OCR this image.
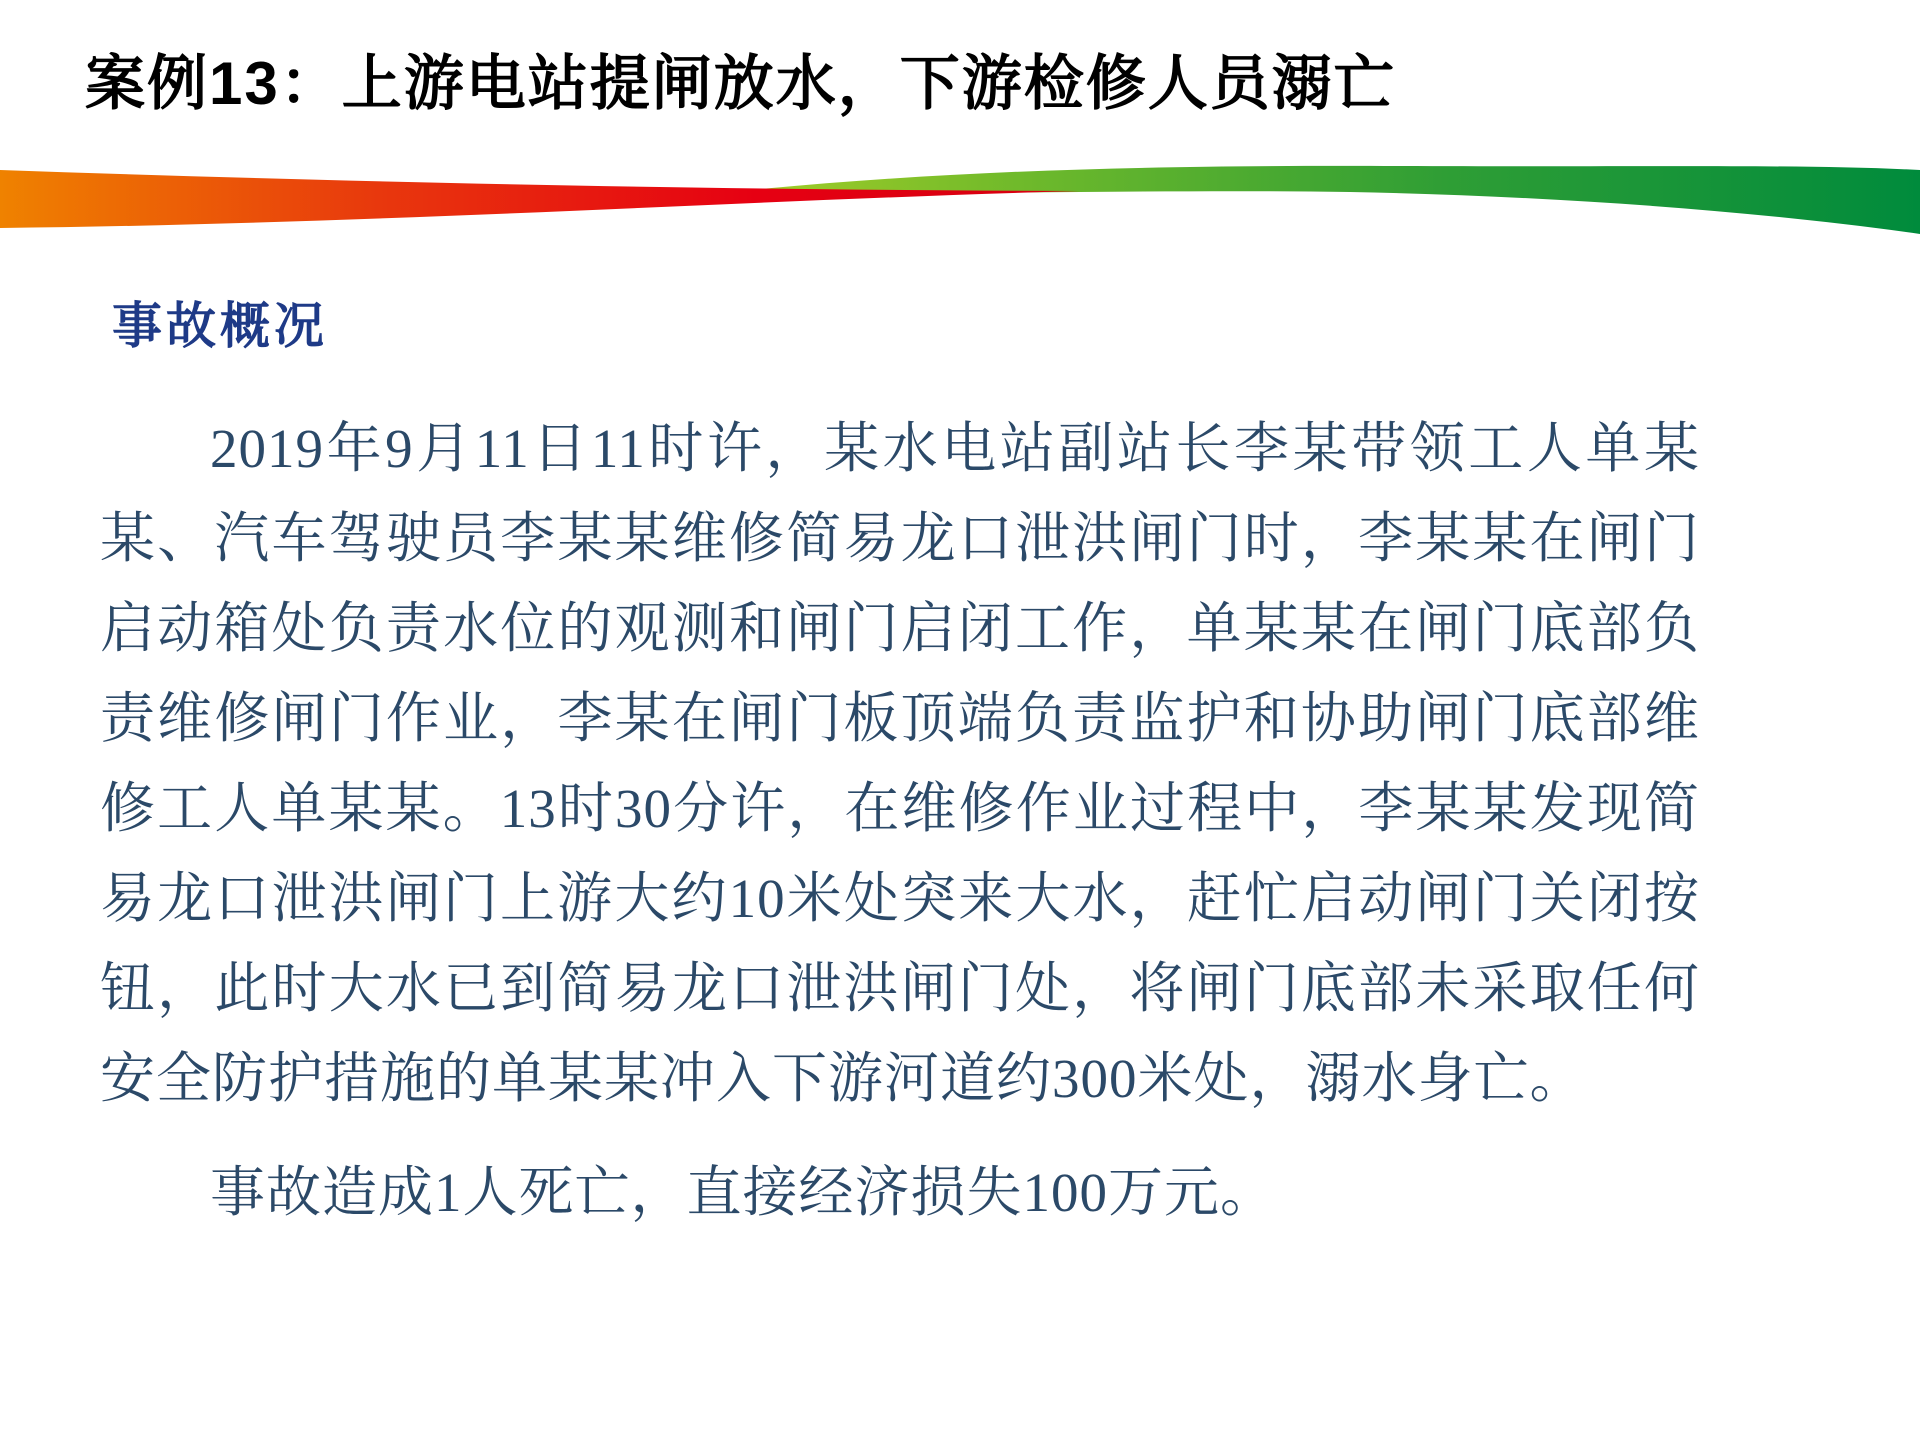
案例13：上游电站提闸放水，下游检修人员溺亡
事故概况

2019年9月11日11时许，某水电站副站长李某带领工人单某某、汽车驾驶员李某某维修简易龙口泄洪闸门时，李某某在闸门启动箱处负责水位的观测和闸门启闭工作，单某某在闸门底部负责维修闸门作业，李某在闸门板顶端负责监护和协助闸门底部维修工人单某某。13时30分许，在维修作业过程中，李某某发现简易龙口泄洪闸门上游大约10米处突来大水，赶忙启动闸门关闭按钮，此时大水已到简易龙口泄洪闸门处，将闸门底部未采取任何安全防护措施的单某某冲入下游河道约300米处，溺水身亡。

事故造成1人死亡，直接经济损失100万元。
